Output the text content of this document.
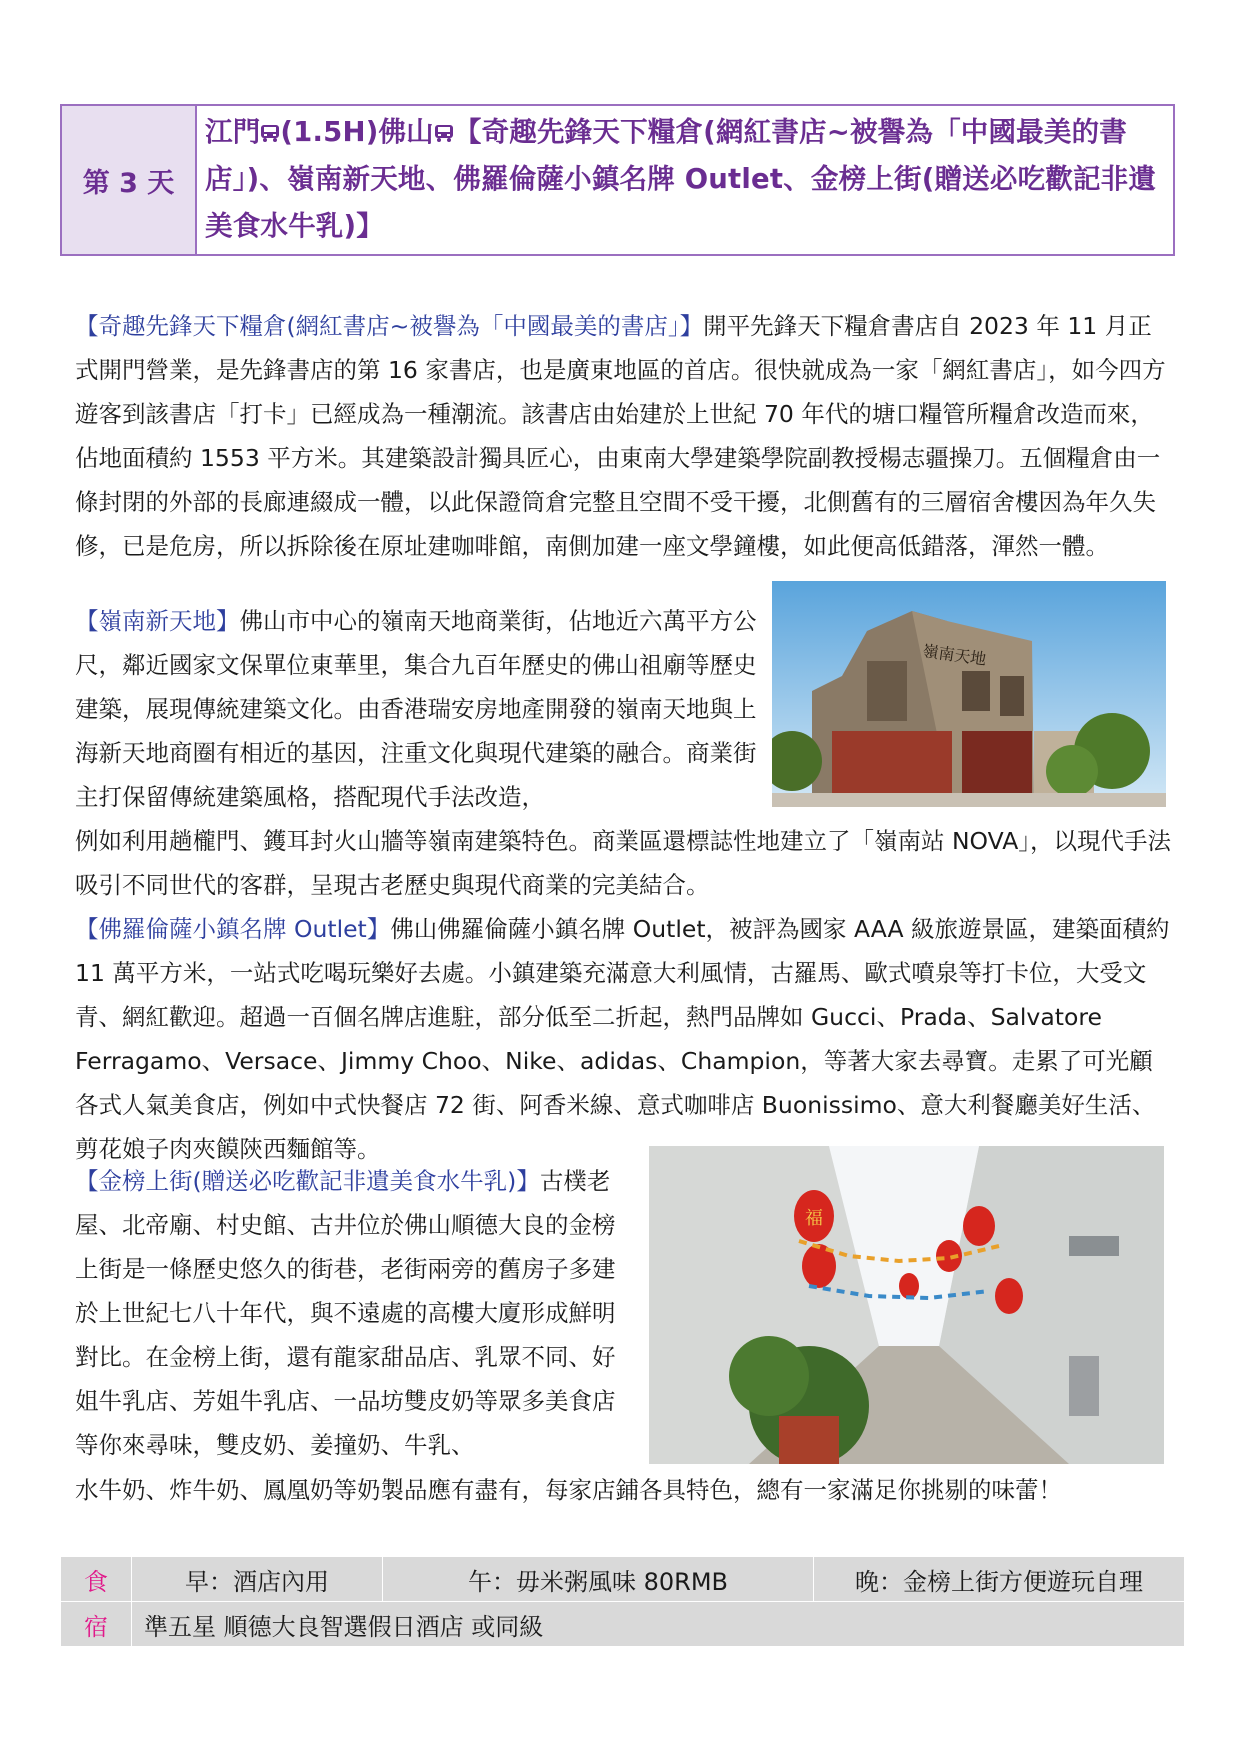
第 3 天
江門 (1.5H)佛山 【奇趣先鋒天下糧倉(網紅書店~被譽為「中國最美的書店」)、嶺南新天地、佛羅倫薩小鎮名牌 Outlet、金榜上街(贈送必吃歡記非遺美食水牛乳)】

【奇趣先鋒天下糧倉(網紅書店~被譽為「中國最美的書店」】開平先鋒天下糧倉書店自 2023 年 11 月正式開門營業，是先鋒書店的第 16 家書店，也是廣東地區的首店。很快就成為一家「網紅書店」，如今四方遊客到該書店「打卡」已經成為一種潮流。該書店由始建於上世紀 70 年代的塘口糧管所糧倉改造而來，佔地面積約 1553 平方米。其建築設計獨具匠心，由東南大學建築學院副教授楊志疆操刀。五個糧倉由一條封閉的外部的長廊連綴成一體，以此保證筒倉完整且空間不受干擾，北側舊有的三層宿舍樓因為年久失修，已是危房，所以拆除後在原址建咖啡館，南側加建一座文學鐘樓，如此便高低錯落，渾然一體。

【嶺南新天地】佛山市中心的嶺南天地商業街，佔地近六萬平方公尺，鄰近國家文保單位東華里，集合九百年歷史的佛山祖廟等歷史建築，展現傳統建築文化。由香港瑞安房地產開發的嶺南天地與上海新天地商圈有相近的基因，注重文化與現代建築的融合。商業街主打保留傳統建築風格，搭配現代手法改造，

嶺南天地

例如利用趟櫳門、鑊耳封火山牆等嶺南建築特色。商業區還標誌性地建立了「嶺南站 NOVA」，以現代手法吸引不同世代的客群，呈現古老歷史與現代商業的完美結合。

【佛羅倫薩小鎮名牌 Outlet】佛山佛羅倫薩小鎮名牌 Outlet，被評為國家 AAA 級旅遊景區，建築面積約 11 萬平方米，一站式吃喝玩樂好去處。小鎮建築充滿意大利風情，古羅馬、歐式噴泉等打卡位，大受文青、網紅歡迎。超過一百個名牌店進駐，部分低至二折起，熱門品牌如 Gucci、Prada、Salvatore Ferragamo、Versace、Jimmy Choo、Nike、adidas、Champion，等著大家去尋寶。走累了可光顧各式人氣美食店，例如中式快餐店 72 街、阿香米線、意式咖啡店 Buonissimo、意大利餐廳美好生活、剪花娘子肉夾饃陝西麵館等。

【金榜上街(贈送必吃歡記非遺美食水牛乳)】古樸老屋、北帝廟、村史館、古井位於佛山順德大良的金榜上街是一條歷史悠久的街巷，老街兩旁的舊房子多建於上世紀七八十年代，與不遠處的高樓大廈形成鮮明對比。在金榜上街，還有龍家甜品店、乳眾不同、好姐牛乳店、芳姐牛乳店、一品坊雙皮奶等眾多美食店等你來尋味，雙皮奶、姜撞奶、牛乳、

福

水牛奶、炸牛奶、鳳凰奶等奶製品應有盡有，每家店鋪各具特色，總有一家滿足你挑剔的味蕾！

食	早：酒店內用	午：毋米粥風味 80RMB	晚：金榜上街方便遊玩自理
宿	準五星 順德大良智選假日酒店 或同級		
